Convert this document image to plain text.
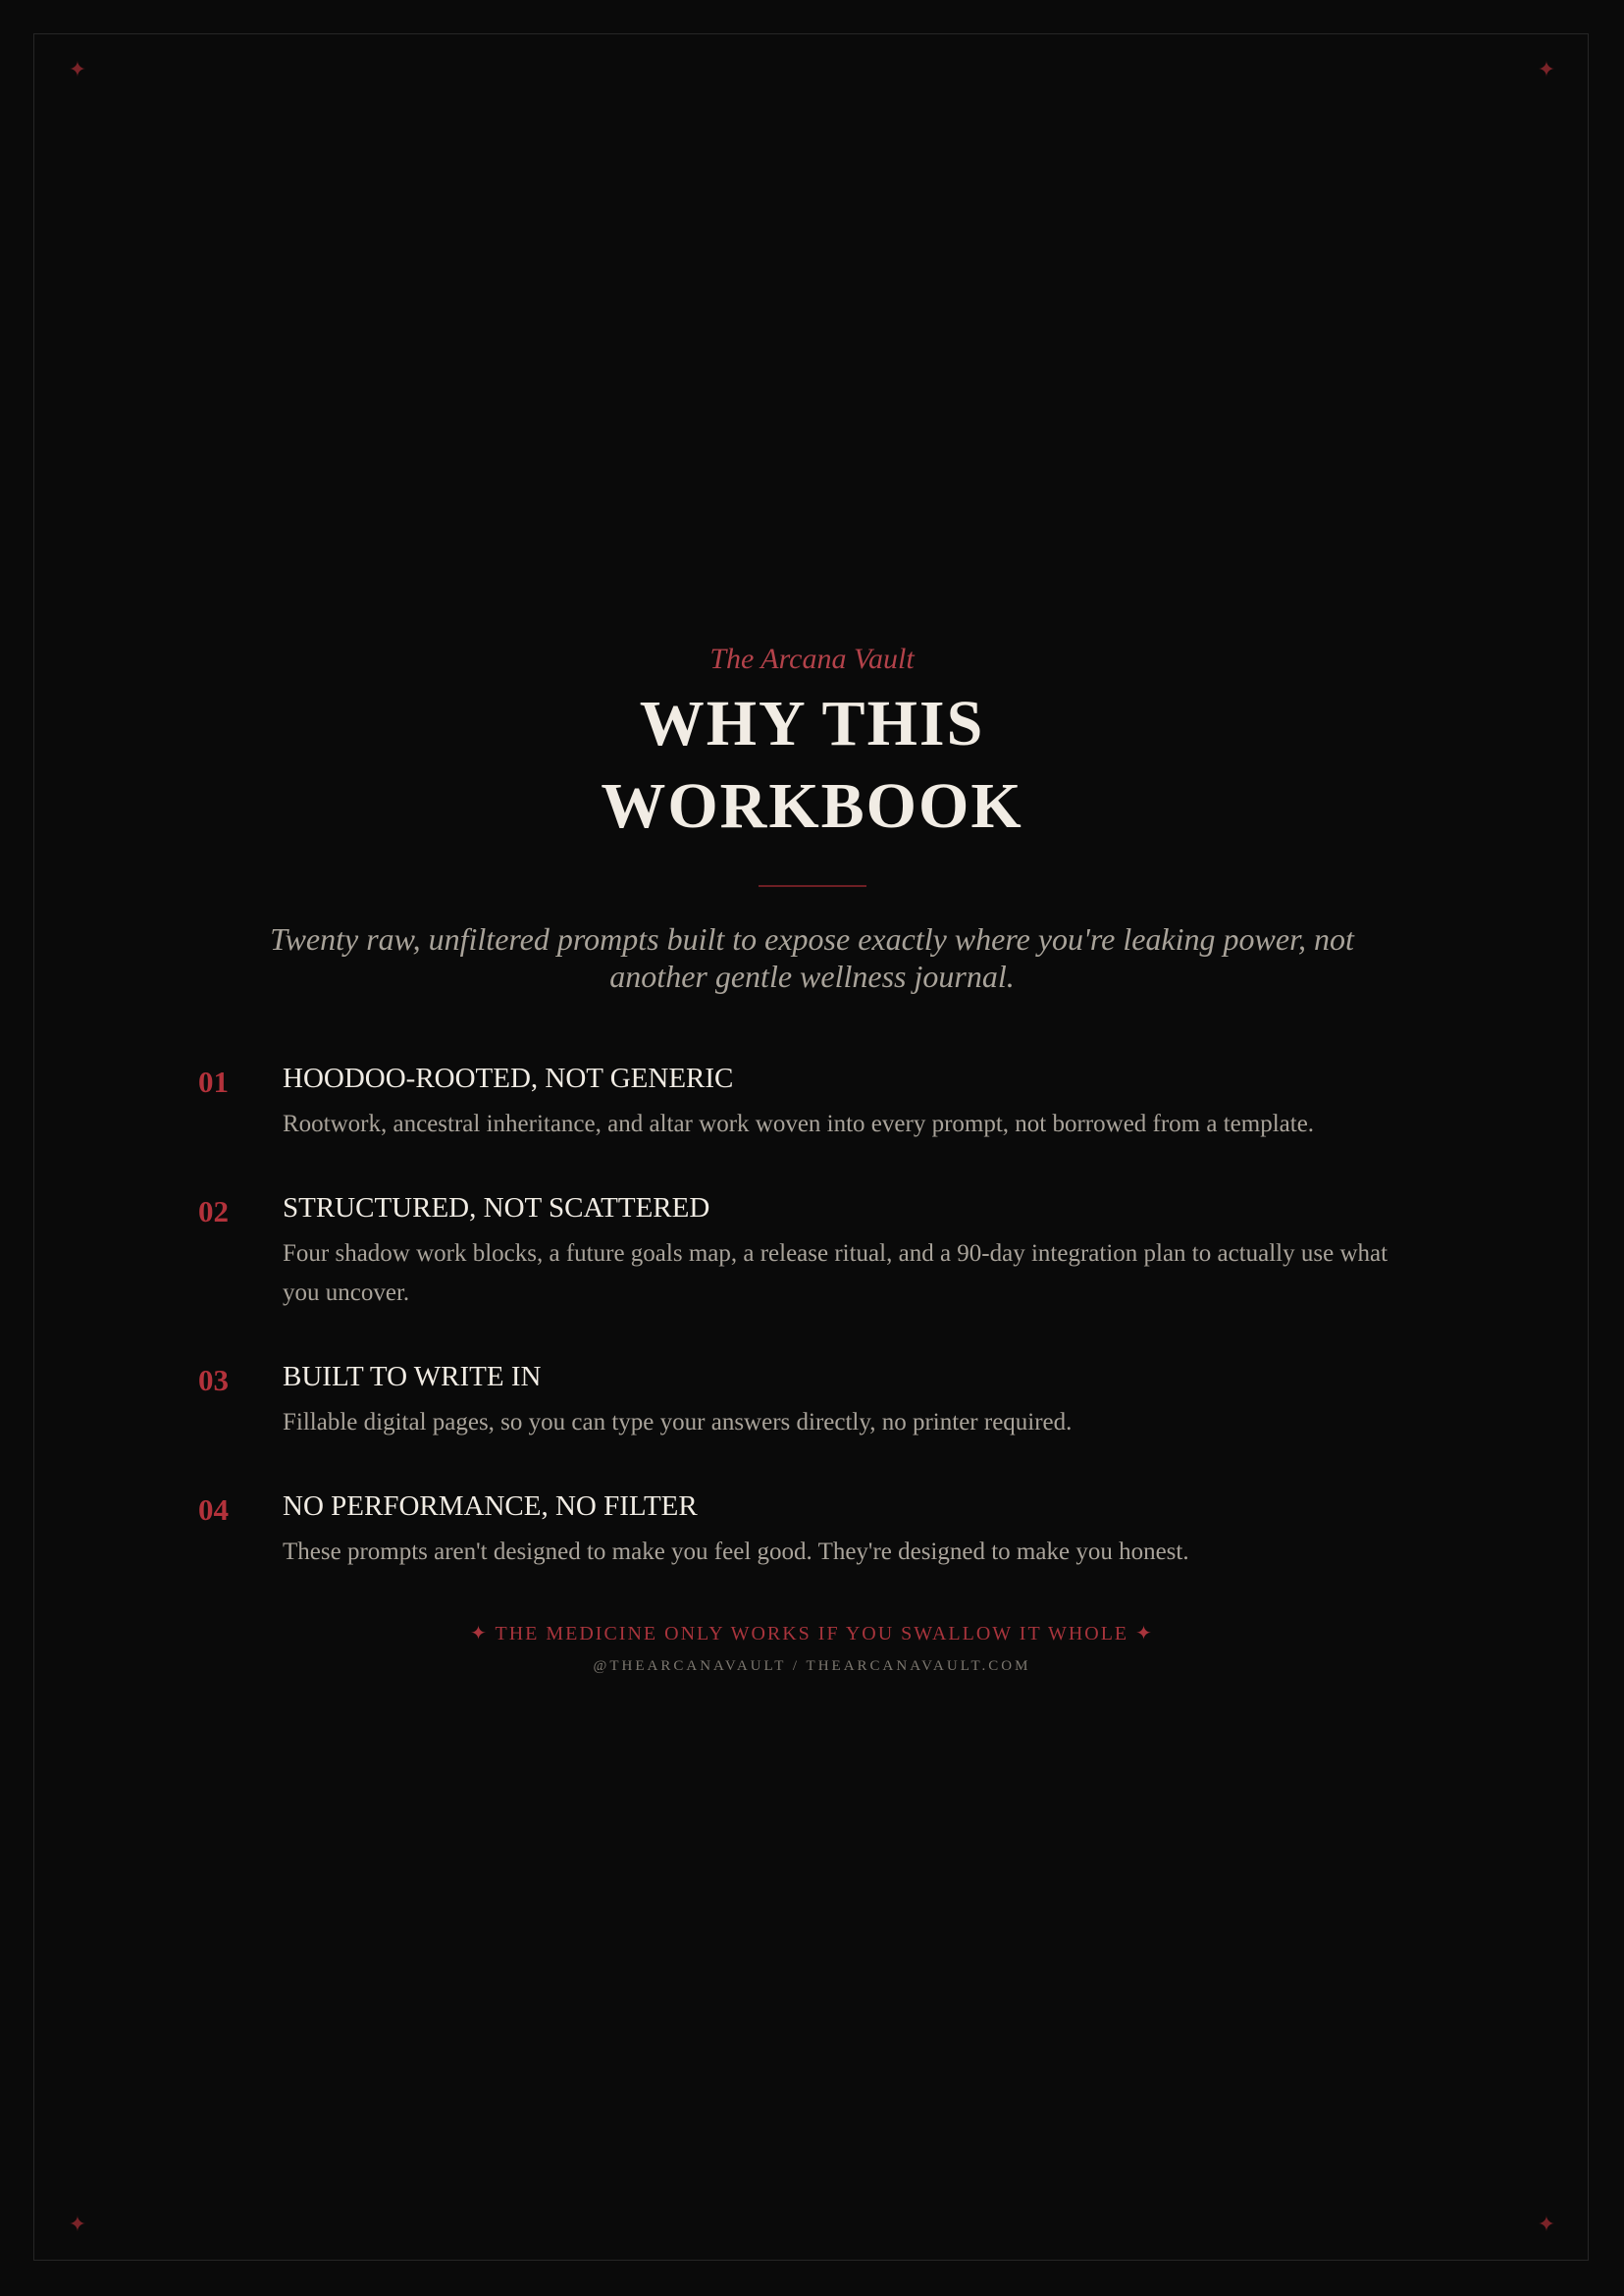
✦	✦
✦	✦
The Arcana Vault
WHY THIS
WORKBOOK
Twenty raw, unfiltered prompts built to expose exactly where you're leaking power, not another gentle wellness journal.
01 HOODOO-ROOTED, NOT GENERIC
Rootwork, ancestral inheritance, and altar work woven into every prompt, not borrowed from a template.
02 STRUCTURED, NOT SCATTERED
Four shadow work blocks, a future goals map, a release ritual, and a 90-day integration plan to actually use what you uncover.
03 BUILT TO WRITE IN
Fillable digital pages, so you can type your answers directly, no printer required.
04 NO PERFORMANCE, NO FILTER
These prompts aren't designed to make you feel good. They're designed to make you honest.
✦ THE MEDICINE ONLY WORKS IF YOU SWALLOW IT WHOLE ✦
@THEARCANAVAULT / THEARCANAVAULT.COM
